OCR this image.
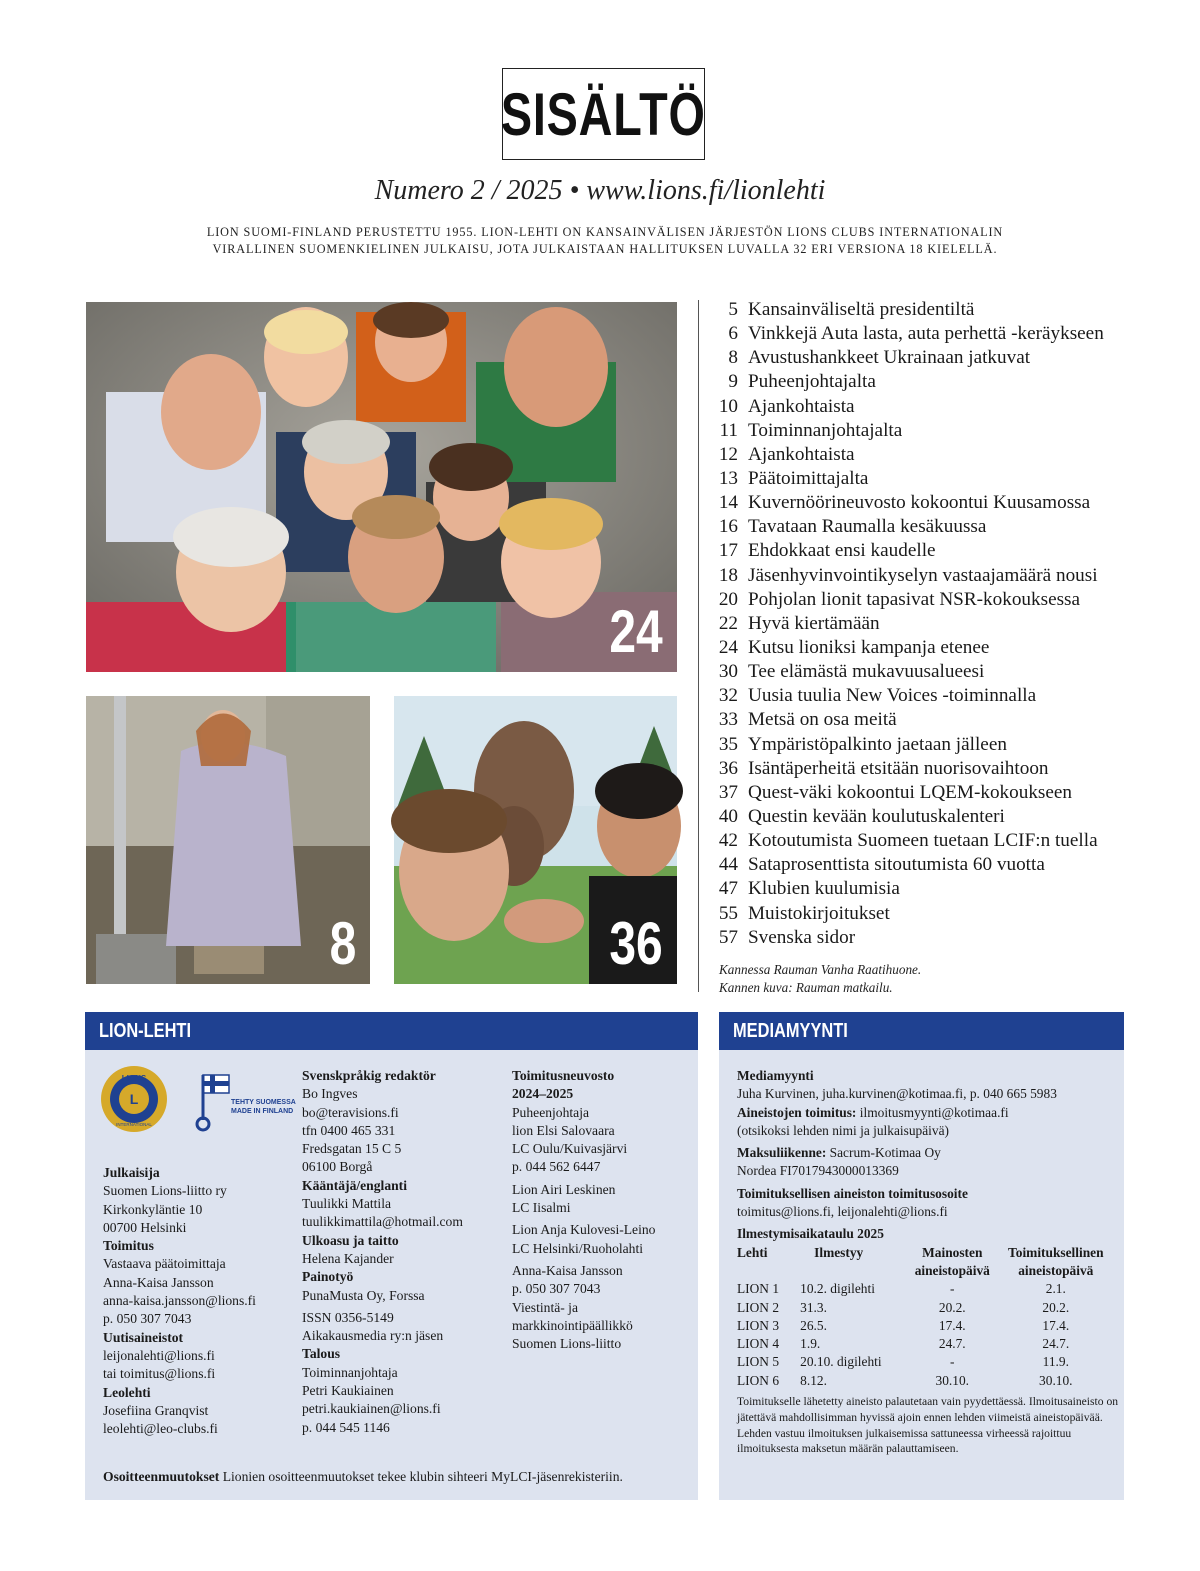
SISÄLTÖ
Numero 2 / 2025 • www.lions.fi/lionlehti
LION SUOMI-FINLAND PERUSTETTU 1955. LION-LEHTI ON KANSAINVÄLISEN JÄRJESTÖN LIONS CLUBS INTERNATIONALIN
VIRALLINEN SUOMENKIELINEN JULKAISU, JOTA JULKAISTAAN HALLITUKSEN LUVALLA 32 ERI VERSIONA 18 KIELELLÄ.
24
8	36
5 Kansainväliseltä presidentiltä
6 Vinkkejä Auta lasta, auta perhettä -keräykseen
8 Avustushankkeet Ukrainaan jatkuvat
9 Puheenjohtajalta
10 Ajankohtaista
11 Toiminnanjohtajalta
12 Ajankohtaista
13 Päätoimittajalta
14 Kuvernöörineuvosto kokoontui Kuusamossa
16 Tavataan Raumalla kesäkuussa
17 Ehdokkaat ensi kaudelle
18 Jäsenhyvinvointikyselyn vastaajamäärä nousi
20 Pohjolan lionit tapasivat NSR-kokouksessa
22 Hyvä kiertämään
24 Kutsu lioniksi kampanja etenee
30 Tee elämästä mukavuusalueesi
32 Uusia tuulia New Voices -toiminnalla
33 Metsä on osa meitä
35 Ympäristöpalkinto jaetaan jälleen
36 Isäntäperheitä etsitään nuorisovaihtoon
37 Quest-väki kokoontui LQEM-kokoukseen
40 Questin kevään koulutuskalenteri
42 Kotoutumista Suomeen tuetaan LCIF:n tuella
44 Sataprosenttista sitoutumista 60 vuotta
47 Klubien kuulumisia
55 Muistokirjoitukset
57 Svenska sidor
Kannessa Rauman Vanha Raatihuone.
Kannen kuva: Rauman matkailu.
LION-LEHTI
L
LIONS
INTERNATIONAL
TEHTY SUOMESSA
MADE IN FINLAND
Julkaisija
Suomen Lions-liitto ry
Kirkonkyläntie 10
00700 Helsinki
Toimitus
Vastaava päätoimittaja
Anna-Kaisa Jansson
anna-kaisa.jansson@lions.fi
p. 050 307 7043
Uutisaineistot
leijonalehti@lions.fi
tai toimitus@lions.fi
Leolehti
Josefiina Granqvist
leolehti@leo-clubs.fi
Svenskpråkig redaktör
Bo Ingves
bo@teravisions.fi
tfn 0400 465 331
Fredsgatan 15 C 5
06100 Borgå
Kääntäjä/englanti
Tuulikki Mattila
tuulikkimattila@hotmail.com
Ulkoasu ja taitto
Helena Kajander
Painotyö
PunaMusta Oy, Forssa
ISSN 0356-5149
Aikakausmedia ry:n jäsen
Talous
Toiminnanjohtaja
Petri Kaukiainen
petri.kaukiainen@lions.fi
p. 044 545 1146
Toimitusneuvosto
2024–2025
Puheenjohtaja
lion Elsi Salovaara
LC Oulu/Kuivasjärvi
p. 044 562 6447
Lion Airi Leskinen
LC Iisalmi
Lion Anja Kulovesi-Leino
LC Helsinki/Ruoholahti
Anna-Kaisa Jansson
p. 050 307 7043
Viestintä- ja
markkinointipäällikkö
Suomen Lions-liitto
Osoitteenmuutokset Lionien osoitteenmuutokset tekee klubin sihteeri MyLCI-jäsenrekisteriin.
MEDIAMYYNTI
Mediamyynti
Juha Kurvinen, juha.kurvinen@kotimaa.fi, p. 040 665 5983
Aineistojen toimitus: ilmoitusmyynti@kotimaa.fi
(otsikoksi lehden nimi ja julkaisupäivä)
Maksuliikenne: Sacrum-Kotimaa Oy
Nordea FI7017943000013369
Toimituksellisen aineiston toimitusosoite
toimitus@lions.fi, leijonalehti@lions.fi
Ilmestymisaikataulu 2025
Lehti	Ilmestyy	Mainosten aineistopäivä	Toimituksellinen aineistopäivä
LION 1	10.2. digilehti	-	2.1.
LION 2	31.3.	20.2.	20.2.
LION 3	26.5.	17.4.	17.4.
LION 4	1.9.	24.7.	24.7.
LION 5	20.10. digilehti	-	11.9.
LION 6	8.12.	30.10.	30.10.
Toimitukselle lähetetty aineisto palautetaan vain pyydettäessä. Ilmoitusaineisto on jätettävä mahdollisimman hyvissä ajoin ennen lehden viimeistä aineistopäivää. Lehden vastuu ilmoituksen julkaisemissa sattuneessa virheessä rajoittuu ilmoituksesta maksetun määrän palauttamiseen.
